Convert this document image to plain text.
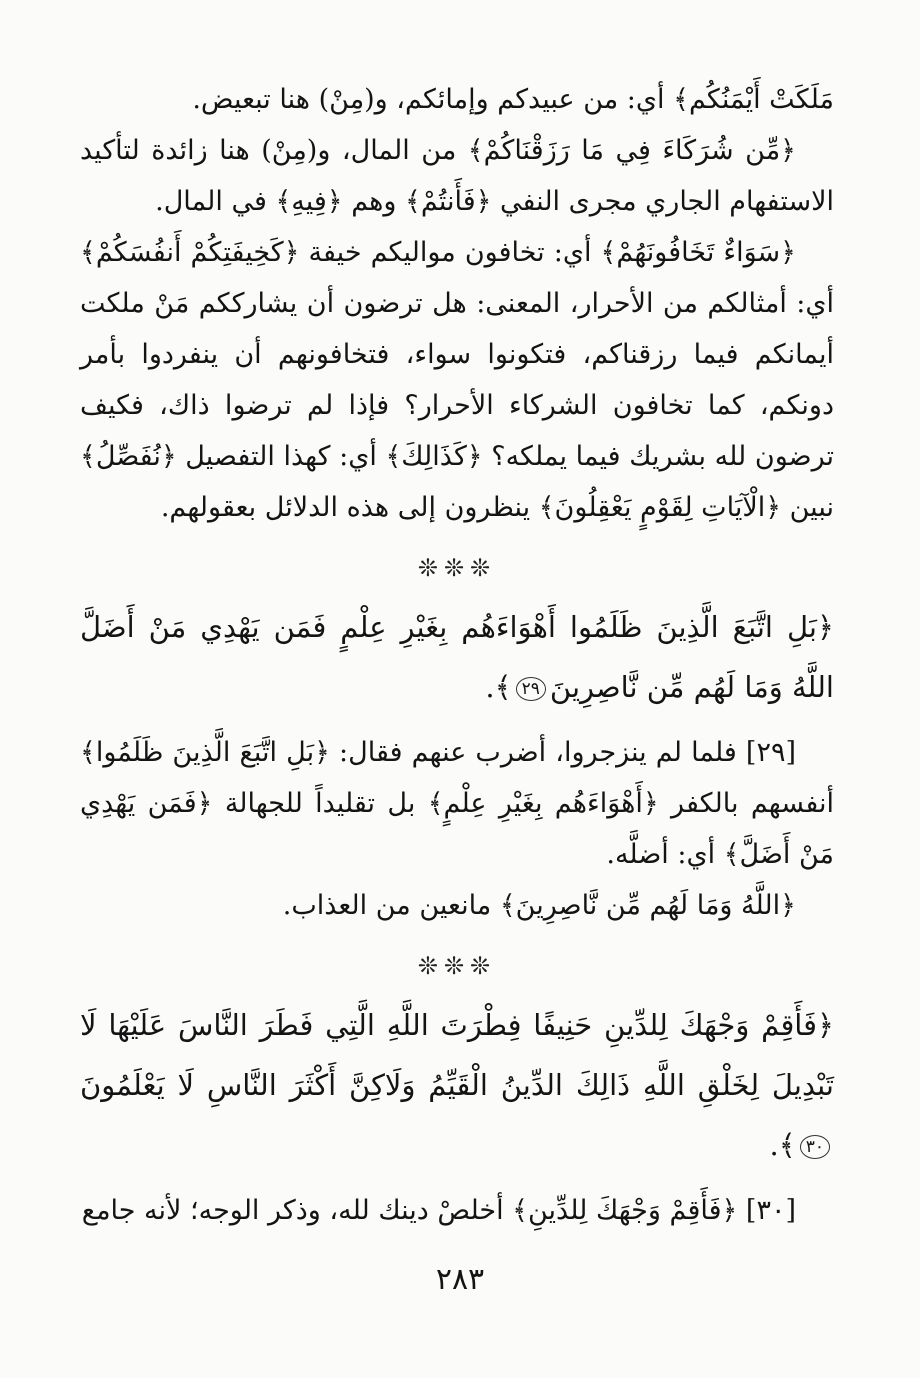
مَلَكَتْ أَيْمَنُكُم﴾ أي: من عبيدكم وإمائكم، و(مِنْ) هنا تبعيض.

﴿مِّن شُرَكَاءَ فِي مَا رَزَقْنَاكُمْ﴾ من المال، و(مِنْ) هنا زائدة لتأكيد الاستفهام الجاري مجرى النفي ﴿فَأَنتُمْ﴾ وهم ﴿فِيهِ﴾ في المال.

﴿سَوَاءٌ تَخَافُونَهُمْ﴾ أي: تخافون مواليكم خيفة ﴿كَخِيفَتِكُمْ أَنفُسَكُمْ﴾ أي: أمثالكم من الأحرار، المعنى: هل ترضون أن يشارككم مَنْ ملكت أيمانكم فيما رزقناكم، فتكونوا سواء، فتخافونهم أن ينفردوا بأمر دونكم، كما تخافون الشركاء الأحرار؟ فإذا لم ترضوا ذاك، فكيف ترضون لله بشريك فيما يملكه؟ ﴿كَذَالِكَ﴾ أي: كهذا التفصيل ﴿نُفَصِّلُ﴾ نبين ﴿الْآيَاتِ لِقَوْمٍ يَعْقِلُونَ﴾ ينظرون إلى هذه الدلائل بعقولهم.

❊❊❊

﴿بَلِ اتَّبَعَ الَّذِينَ ظَلَمُوا أَهْوَاءَهُم بِغَيْرِ عِلْمٍ فَمَن يَهْدِي مَنْ أَضَلَّ اللَّهُ وَمَا لَهُم مِّن نَّاصِرِينَ٢٩﴾.

[٢٩] فلما لم ينزجروا، أضرب عنهم فقال: ﴿بَلِ اتَّبَعَ الَّذِينَ ظَلَمُوا﴾ أنفسهم بالكفر ﴿أَهْوَاءَهُم بِغَيْرِ عِلْمٍ﴾ بل تقليداً للجهالة ﴿فَمَن يَهْدِي مَنْ أَضَلَّ﴾ أي: أضلَّه.

﴿اللَّهُ وَمَا لَهُم مِّن نَّاصِرِينَ﴾ مانعين من العذاب.

❊❊❊

﴿فَأَقِمْ وَجْهَكَ لِلدِّينِ حَنِيفًا فِطْرَتَ اللَّهِ الَّتِي فَطَرَ النَّاسَ عَلَيْهَا لَا تَبْدِيلَ لِخَلْقِ اللَّهِ ذَالِكَ الدِّينُ الْقَيِّمُ وَلَاكِنَّ أَكْثَرَ النَّاسِ لَا يَعْلَمُونَ٣٠﴾.

[٣٠] ﴿فَأَقِمْ وَجْهَكَ لِلدِّينِ﴾ أخلصْ دينك لله، وذكر الوجه؛ لأنه جامع

٢٨٣
